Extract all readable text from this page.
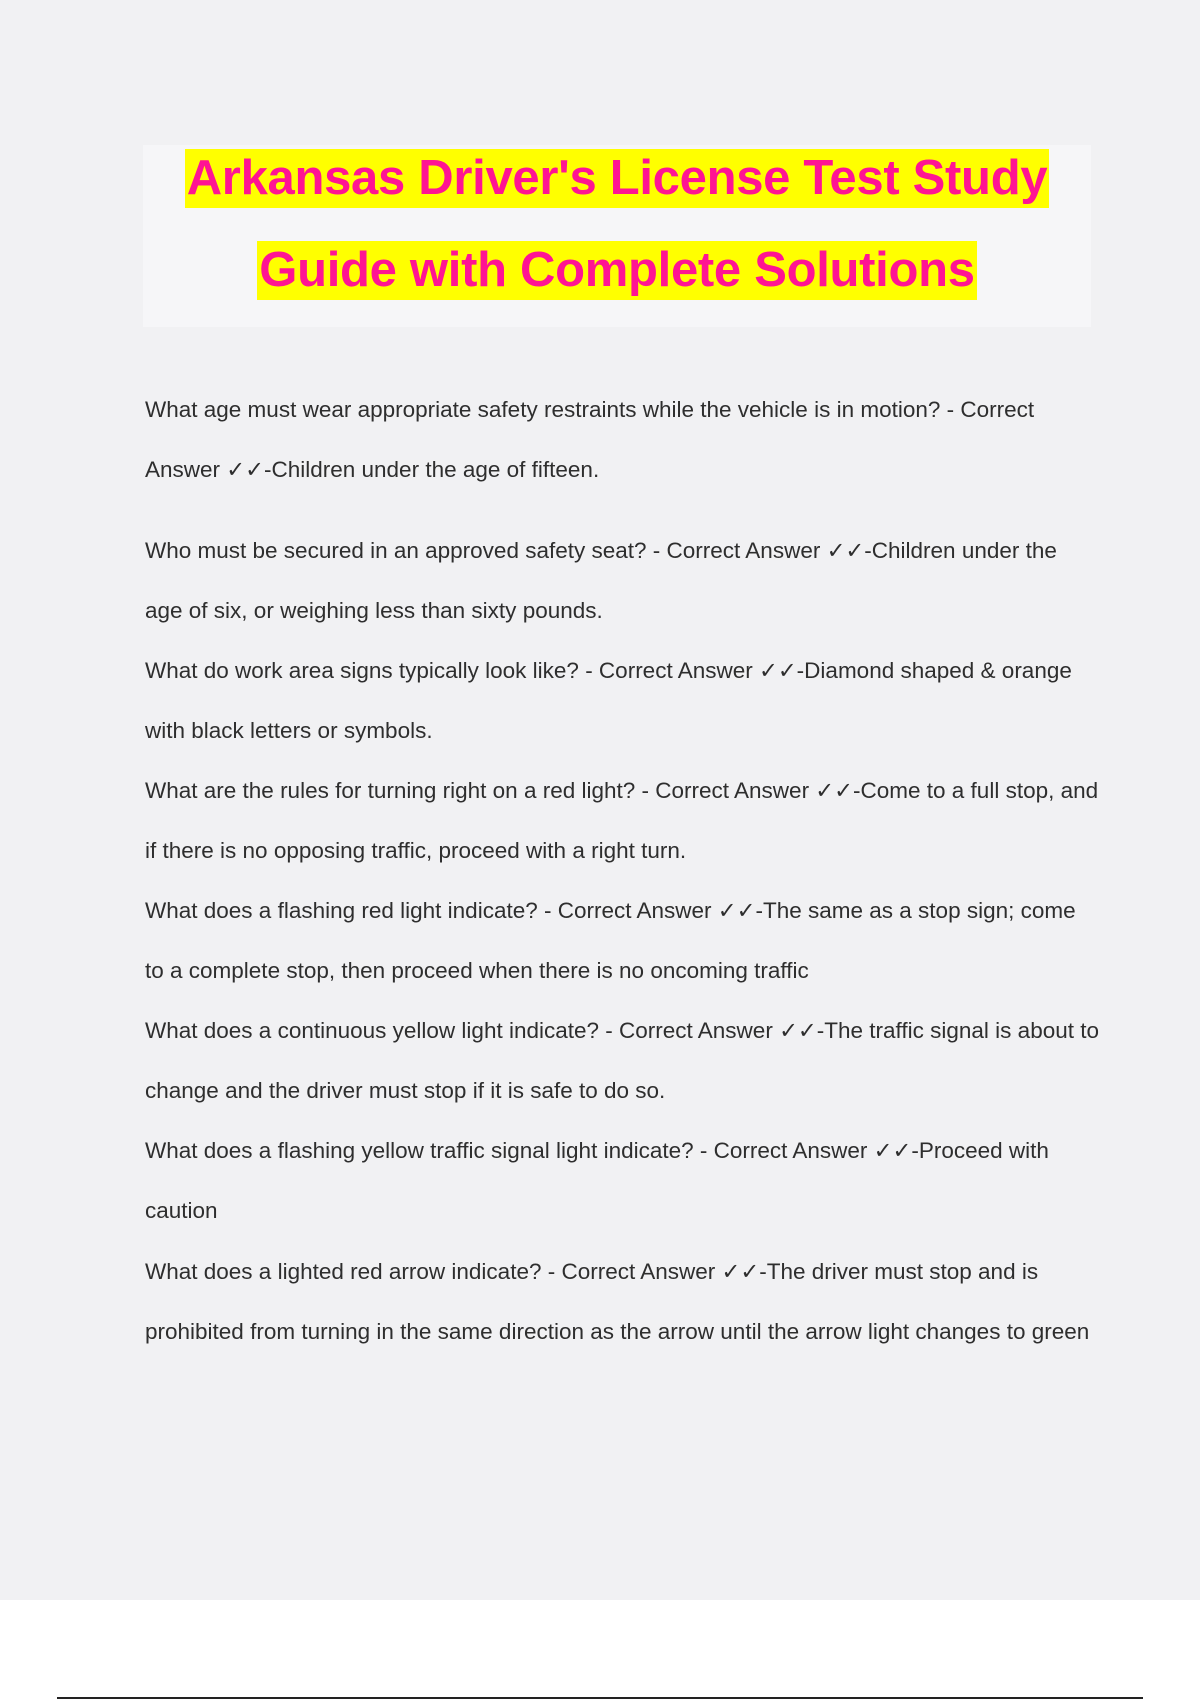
Arkansas Driver's License Test Study
Guide with Complete Solutions
What age must wear appropriate safety restraints while the vehicle is in motion? - Correct Answer ✓✓-Children under the age of fifteen.
Who must be secured in an approved safety seat? - Correct Answer ✓✓-Children under the age of six, or weighing less than sixty pounds.
What do work area signs typically look like? - Correct Answer ✓✓-Diamond shaped & orange with black letters or symbols.
What are the rules for turning right on a red light? - Correct Answer ✓✓-Come to a full stop, and if there is no opposing traffic, proceed with a right turn.
What does a flashing red light indicate? - Correct Answer ✓✓-The same as a stop sign; come to a complete stop, then proceed when there is no oncoming traffic
What does a continuous yellow light indicate? - Correct Answer ✓✓-The traffic signal is about to change and the driver must stop if it is safe to do so.
What does a flashing yellow traffic signal light indicate? - Correct Answer ✓✓-Proceed with caution
What does a lighted red arrow indicate? - Correct Answer ✓✓-The driver must stop and is prohibited from turning in the same direction as the arrow until the arrow light changes to green
